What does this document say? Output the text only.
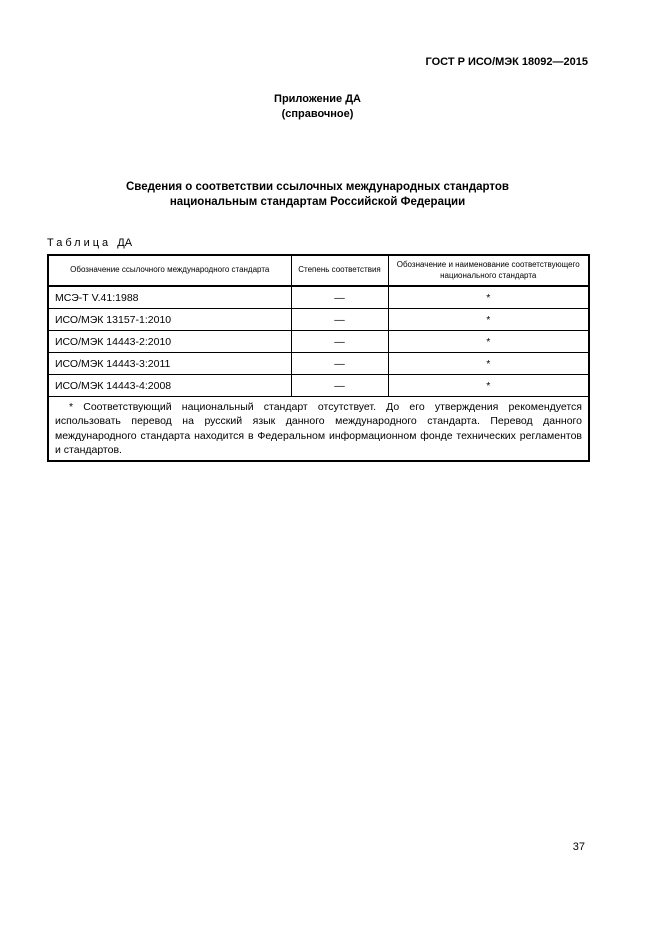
ГОСТ Р ИСО/МЭК 18092—2015
Приложение ДА
(справочное)
Сведения о соответствии ссылочных международных стандартов
национальным стандартам Российской Федерации

Таблица ДА

Обозначение ссылочного международного стандарта	Степень соответствия	Обозначение и наименование соответствующего национального стандарта
МСЭ-Т V.41:1988	—	*
ИСО/МЭК 13157-1:2010	—	*
ИСО/МЭК 14443-2:2010	—	*
ИСО/МЭК 14443-3:2011	—	*
ИСО/МЭК 14443-4:2008	—	*

* Соответствующий национальный стандарт отсутствует. До его утверждения рекомендуется использовать перевод на русский язык данного международного стандарта. Перевод данного международного стандарта находится в Федеральном информационном фонде технических регламентов и стандартов.		
37
